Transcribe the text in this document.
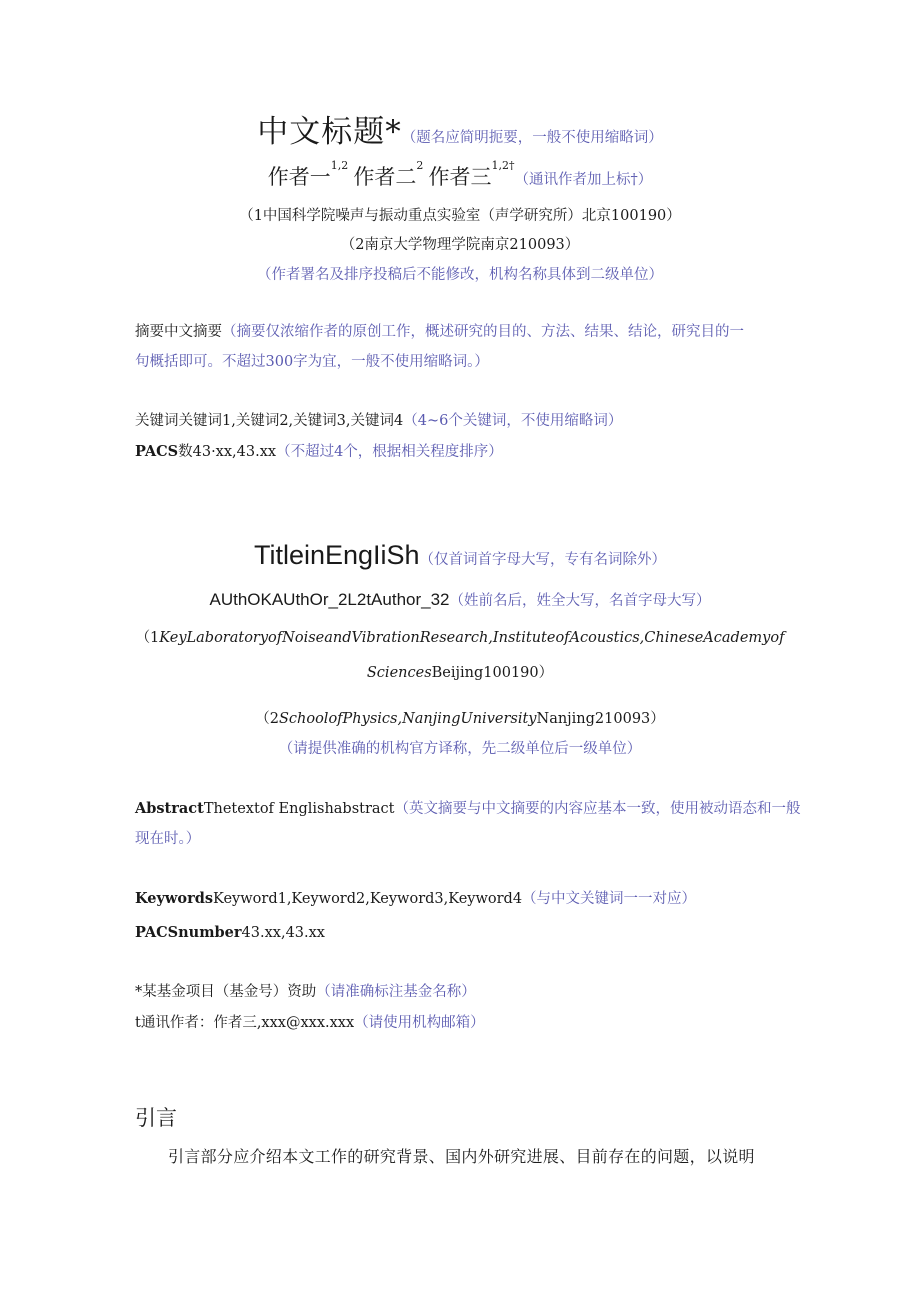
中文标题*（题名应简明扼要，一般不使用缩略词）
作者一$^{1,2}$ 作者二$^2$ 作者三$^{1,2\dagger}$（通讯作者加上标†）
（1中国科学院噪声与振动重点实验室（声学研究所）北京100190）
（2南京大学物理学院南京210093）
（作者署名及排序投稿后不能修改，机构名称具体到二级单位）
摘要中文摘要（摘要仅浓缩作者的原创工作，概述研究的目的、方法、结果、结论，研究目的一
句概括即可。不超过300字为宜，一般不使用缩略词。）
关键词关键词1,关键词2,关键词3,关键词4（4~6个关键词，不使用缩略词）
PACS数43·xx,43.xx（不超过4个，根据相关程度排序）
TitleinEngIiSh（仅首词首字母大写，专有名词除外）
AUthOKAUthOr_2L2tAuthor_32（姓前名后，姓全大写，名首字母大写）
（1KeyLaboratoryofNoiseandVibrationResearch,InstituteofAcoustics,ChineseAcademyof
SciencesBeijing100190）
（2SchoolofPhysics,NanjingUniversityNanjing210093）
（请提供准确的机构官方译称，先二级单位后一级单位）
AbstractThetextof Englishabstract（英文摘要与中文摘要的内容应基本一致，使用被动语态和一般
现在时。）
KeywordsKeyword1,Keyword2,Keyword3,Keyword4（与中文关键词一一对应）
PACSnumber43.xx,43.xx
*某基金项目（基金号）资助（请准确标注基金名称）
t通讯作者：作者三,xxx@xxx.xxx（请使用机构邮箱）
引言
引言部分应介绍本文工作的研究背景、国内外研究进展、目前存在的问题，以说明
